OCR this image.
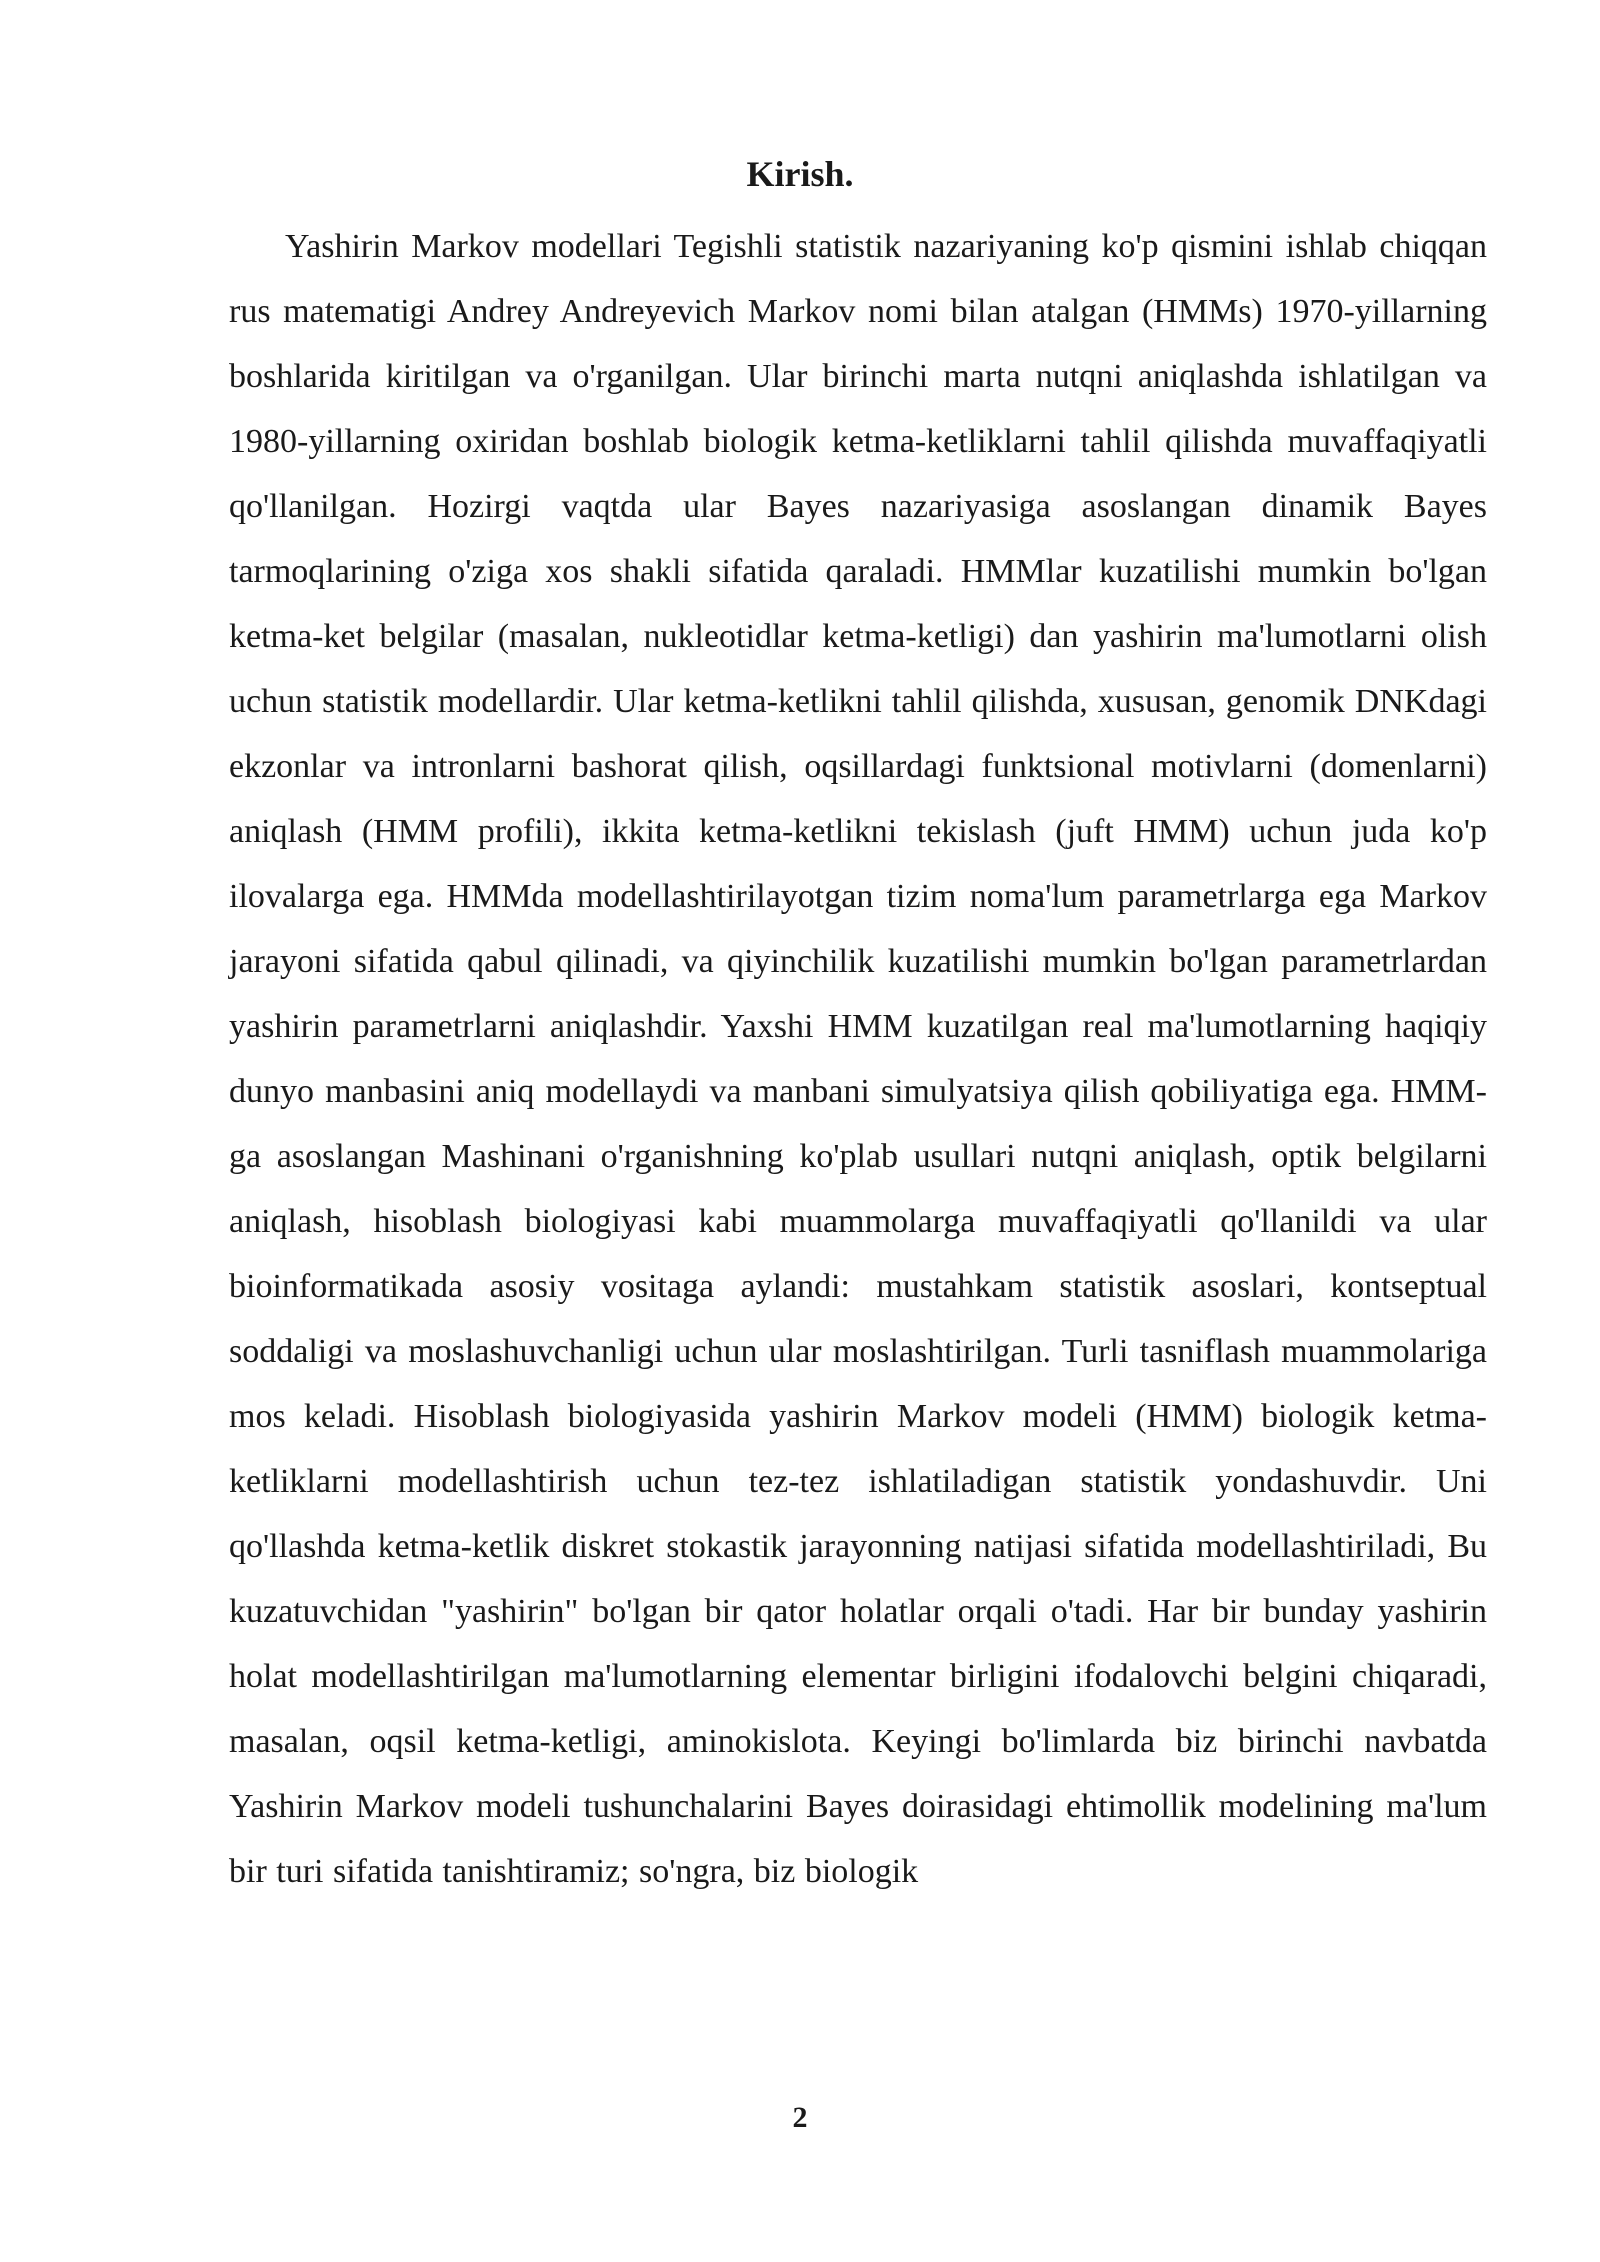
Kirish.

Yashirin Markov modellari Tegishli statistik nazariyaning ko'p qismini ishlab chiqqan rus matematigi Andrey Andreyevich Markov nomi bilan atalgan (HMMs) 1970-yillarning boshlarida kiritilgan va o'rganilgan. Ular birinchi marta nutqni aniqlashda ishlatilgan va 1980-yillarning oxiridan boshlab biologik ketma-ketliklarni tahlil qilishda muvaffaqiyatli qo'llanilgan. Hozirgi vaqtda ular Bayes nazariyasiga asoslangan dinamik Bayes tarmoqlarining o'ziga xos shakli sifatida qaraladi. HMMlar kuzatilishi mumkin bo'lgan ketma-ket belgilar (masalan, nukleotidlar ketma-ketligi) dan yashirin ma'lumotlarni olish uchun statistik modellardir. Ular ketma-ketlikni tahlil qilishda, xususan, genomik DNKdagi ekzonlar va intronlarni bashorat qilish, oqsillardagi funktsional motivlarni (domenlarni) aniqlash (HMM profili), ikkita ketma-ketlikni tekislash (juft HMM) uchun juda ko'p ilovalarga ega. HMMda modellashtirilayotgan tizim noma'lum parametrlarga ega Markov jarayoni sifatida qabul qilinadi, va qiyinchilik kuzatilishi mumkin bo'lgan parametrlardan yashirin parametrlarni aniqlashdir. Yaxshi HMM kuzatilgan real ma'lumotlarning haqiqiy dunyo manbasini aniq modellaydi va manbani simulyatsiya qilish qobiliyatiga ega. HMM-ga asoslangan Mashinani o'rganishning ko'plab usullari nutqni aniqlash, optik belgilarni aniqlash, hisoblash biologiyasi kabi muammolarga muvaffaqiyatli qo'llanildi va ular bioinformatikada asosiy vositaga aylandi: mustahkam statistik asoslari, kontseptual soddaligi va moslashuvchanligi uchun ular moslashtirilgan. Turli tasniflash muammolariga mos keladi. Hisoblash biologiyasida yashirin Markov modeli (HMM) biologik ketma-ketliklarni modellashtirish uchun tez-tez ishlatiladigan statistik yondashuvdir. Uni qo'llashda ketma-ketlik diskret stokastik jarayonning natijasi sifatida modellashtiriladi, Bu kuzatuvchidan "yashirin" bo'lgan bir qator holatlar orqali o'tadi. Har bir bunday yashirin holat modellashtirilgan ma'lumotlarning elementar birligini ifodalovchi belgini chiqaradi, masalan, oqsil ketma-ketligi, aminokislota. Keyingi bo'limlarda biz birinchi navbatda Yashirin Markov modeli tushunchalarini Bayes doirasidagi ehtimollik modelining ma'lum bir turi sifatida tanishtiramiz; so'ngra, biz biologik

2
